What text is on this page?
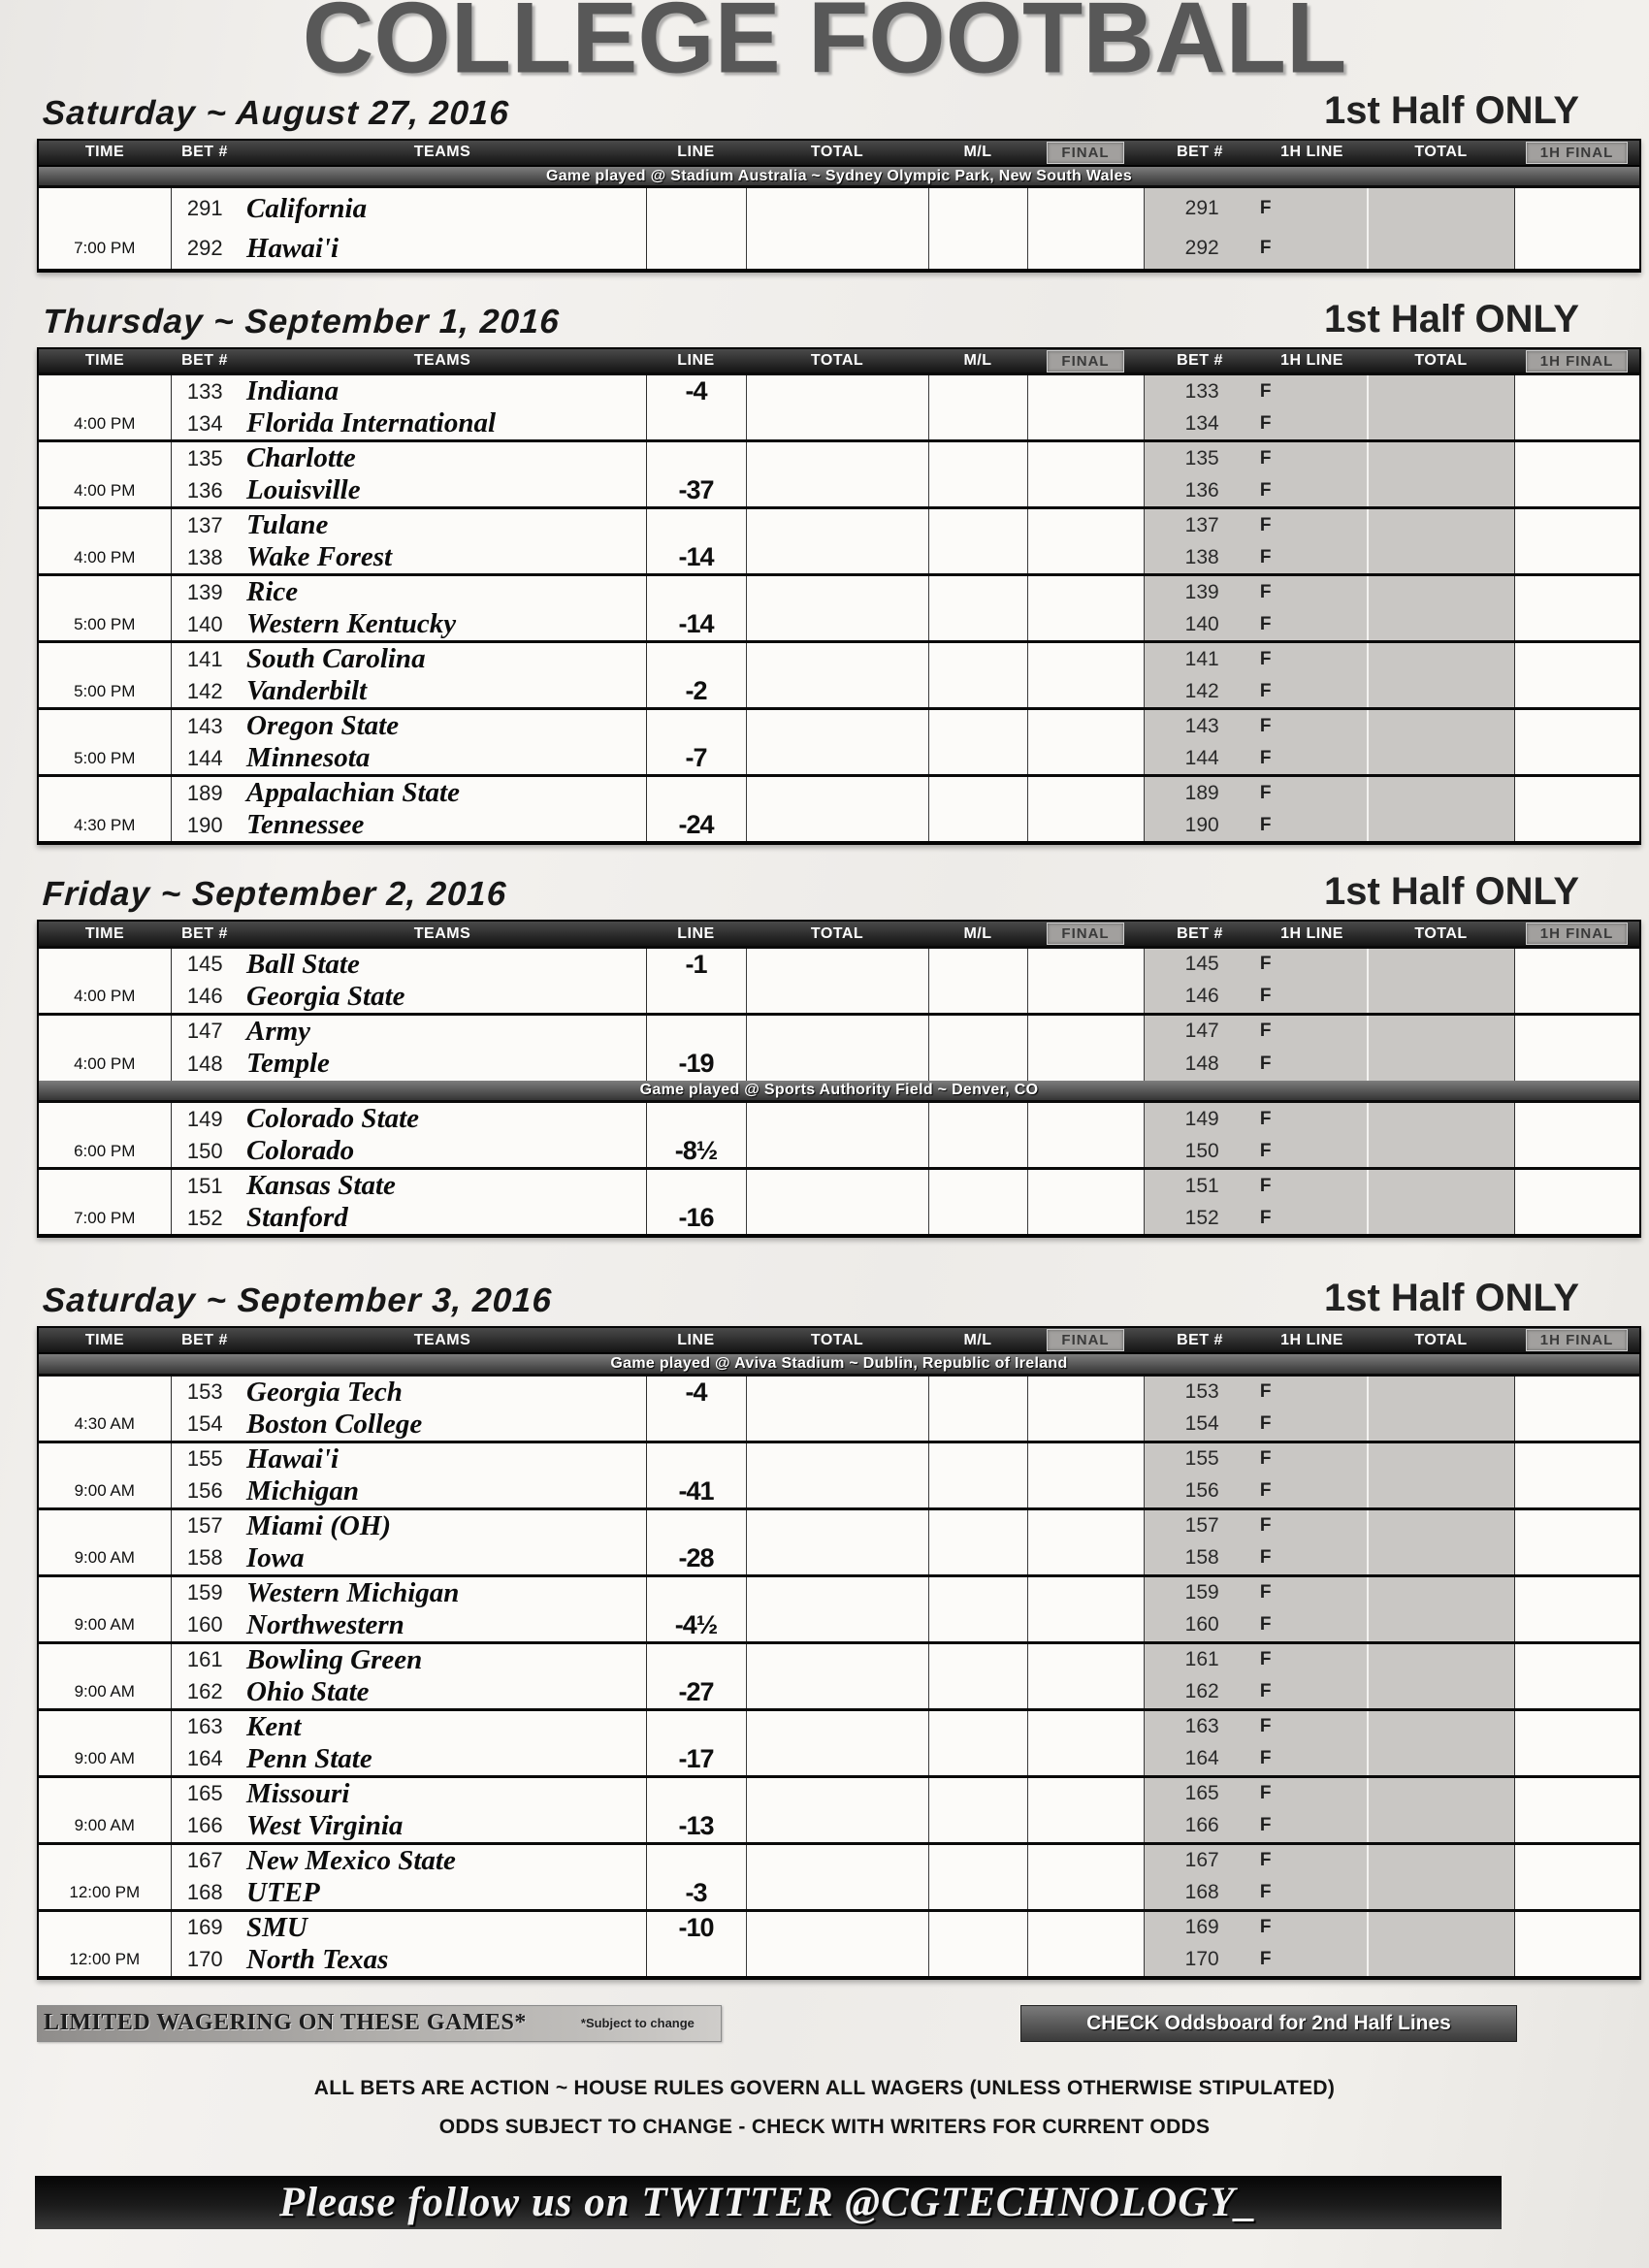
COLLEGE FOOTBALL
Saturday ~ August 27, 2016	1st Half ONLY
TIME	BET #	TEAMS	LINE	TOTAL	M/L	FINAL	BET #	1H LINE	TOTAL	1H FINAL
Game played @ Stadium Australia ~ Sydney Olympic Park, New South Wales										
	291	California					291 F			

7:00 PM	292	Hawai'i					292 F			

Thursday ~ September 1, 2016	1st Half ONLY
TIME	BET #	TEAMS	LINE	TOTAL	M/L	FINAL	BET #	1H LINE	TOTAL	1H FINAL
	133	Indiana	-4				133 F			

4:00 PM	134	Florida International					134 F			

	135	Charlotte					135 F			

4:00 PM	136	Louisville	-37				136 F			

	137	Tulane					137 F			

4:00 PM	138	Wake Forest	-14				138 F			

	139	Rice					139 F			

5:00 PM	140	Western Kentucky	-14				140 F			

	141	South Carolina					141 F			

5:00 PM	142	Vanderbilt	-2				142 F			

	143	Oregon State					143 F			

5:00 PM	144	Minnesota	-7				144 F			

	189	Appalachian State					189 F			

4:30 PM	190	Tennessee	-24				190 F			

Friday ~ September 2, 2016	1st Half ONLY
TIME	BET #	TEAMS	LINE	TOTAL	M/L	FINAL	BET #	1H LINE	TOTAL	1H FINAL
	145	Ball State	-1				145 F			

4:00 PM	146	Georgia State					146 F			

	147	Army					147 F			

4:00 PM	148	Temple	-19				148 F			

Game played @ Sports Authority Field ~ Denver, CO										
	149	Colorado State					149 F			

6:00 PM	150	Colorado	-8½				150 F			

	151	Kansas State					151 F			

7:00 PM	152	Stanford	-16				152 F			

Saturday ~ September 3, 2016	1st Half ONLY
TIME	BET #	TEAMS	LINE	TOTAL	M/L	FINAL	BET #	1H LINE	TOTAL	1H FINAL
Game played @ Aviva Stadium ~ Dublin, Republic of Ireland										
	153	Georgia Tech	-4				153 F			

4:30 AM	154	Boston College					154 F			

	155	Hawai'i					155 F			

9:00 AM	156	Michigan	-41				156 F			

	157	Miami (OH)					157 F			

9:00 AM	158	Iowa	-28				158 F			

	159	Western Michigan					159 F			

9:00 AM	160	Northwestern	-4½				160 F			

	161	Bowling Green					161 F			

9:00 AM	162	Ohio State	-27				162 F			

	163	Kent					163 F			

9:00 AM	164	Penn State	-17				164 F			

	165	Missouri					165 F			

9:00 AM	166	West Virginia	-13				166 F			

	167	New Mexico State					167 F			

12:00 PM	168	UTEP	-3				168 F			

	169	SMU	-10				169 F			

12:00 PM	170	North Texas					170 F			

LIMITED WAGERING ON THESE GAMES*	*Subject to change	CHECK Oddsboard for 2nd Half Lines
ALL BETS ARE ACTION ~ HOUSE RULES GOVERN ALL WAGERS (UNLESS OTHERWISE STIPULATED)
ODDS SUBJECT TO CHANGE - CHECK WITH WRITERS FOR CURRENT ODDS
Please follow us on TWITTER @CGTECHNOLOGY_
